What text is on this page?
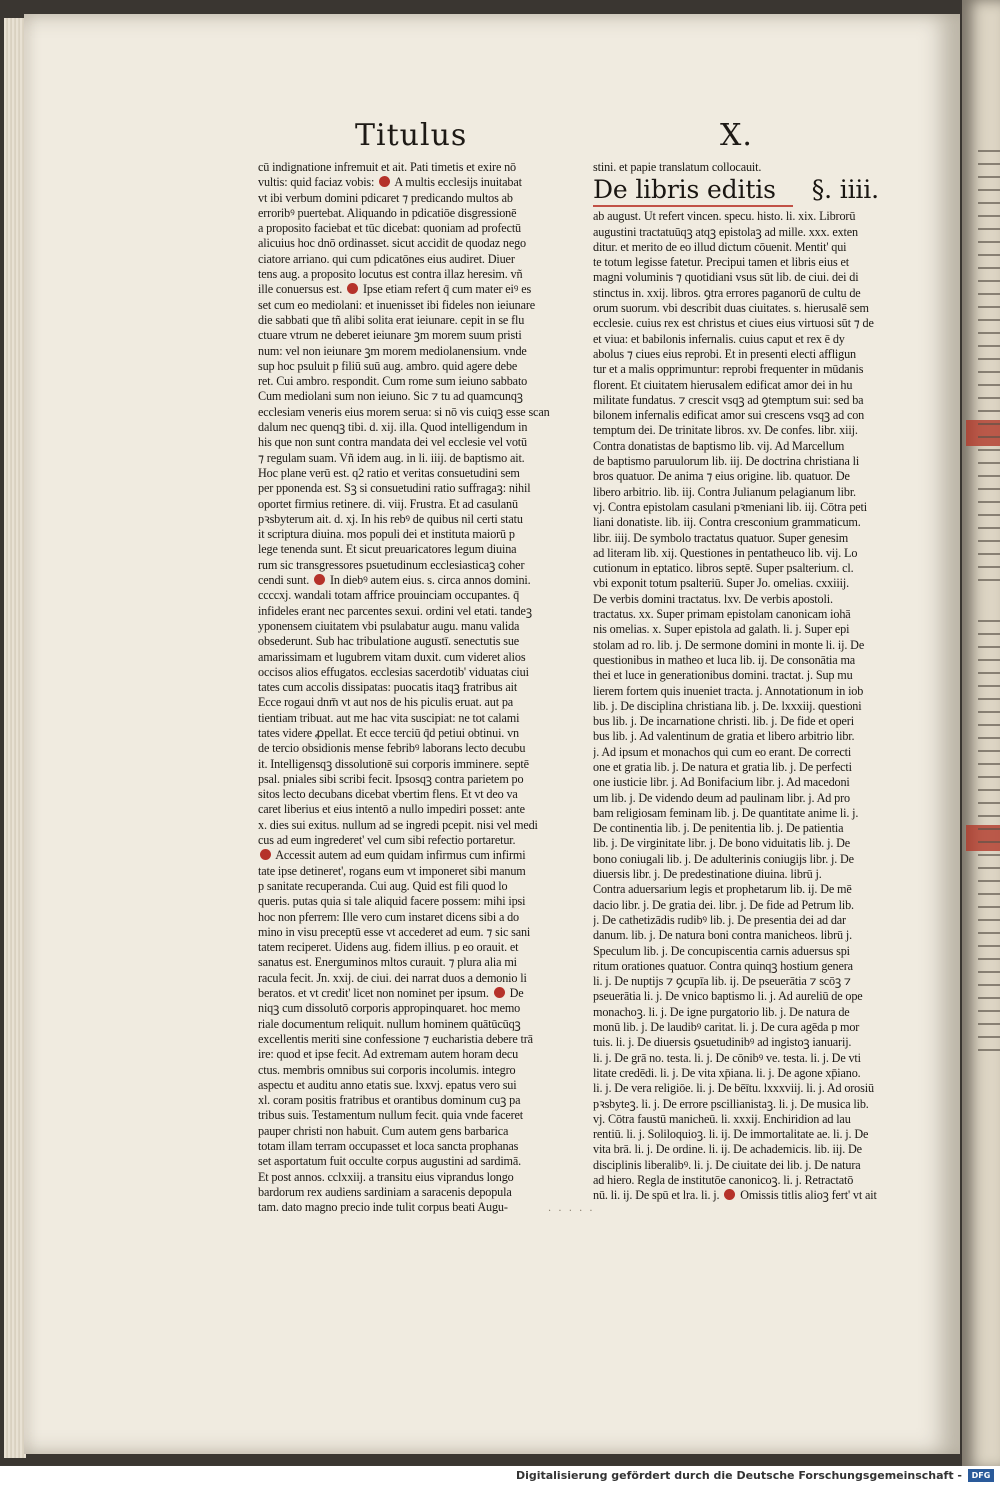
Titulus	X.
cū indignatione infremuit et ait. Pati timetis et exire nō
vultis: quid faciaz vobis:  A multis ecclesijs inuitabat
vt ibi verbum domini pdicaret ⁊ predicando multos ab
erroribꝰ puertebat. Aliquando in pdicatiōe disgressionē
a proposito faciebat et tūc dicebat: quoniam ad profectū
alicuius hoc dnō ordinasset. sicut accidit de quodaz nego
ciatore arriano. qui cum pdicatōnes eius audiret. Diuer
tens aug. a proposito locutus est contra illaz heresim. vñ
ille conuersus est.  Ipse etiam refert q̄ cum mater eiꝰ es
set cum eo mediolani: et inuenisset ibi fideles non ieiunare
die sabbati que tñ alibi solita erat ieiunare. cepit in se flu
ctuare vtrum ne deberet ieiunare ꝫm morem suum pristi
num: vel non ieiunare ꝫm morem mediolanensium. vnde
sup hoc psuluit p filiū suū aug. ambro. quid agere debe
ret. Cui ambro. respondit. Cum rome sum ieiuno sabbato
Cum mediolani sum non ieiuno. Sic ⁊ tu ad quamcunqꝫ
ecclesiam veneris eius morem serua: si nō vis cuiqꝫ esse scan
dalum nec quenqꝫ tibi. d. xij. illa. Quod intelligendum in
his que non sunt contra mandata dei vel ecclesie vel votū
⁊ regulam suam. Vñ idem aug. in li. iiij. de baptismo ait.
Hoc plane verū est. q2 ratio et veritas consuetudini sem
per pponenda est. Sꝫ si consuetudini ratio suffragaꝫ: nihil
oportet firmius retinere. di. viij. Frustra. Et ad casulanū
pꝛsbyterum ait. d. xj. In his rebꝰ de quibus nil certi statu
it scriptura diuina. mos populi dei et instituta maiorū p
lege tenenda sunt. Et sicut preuaricatores legum diuina
rum sic transgressores psuetudinum ecclesiasticaꝫ coher
cendi sunt.  In diebꝰ autem eius. s. circa annos domini.
ccccxj. wandali totam affrice prouinciam occupantes. q̄
infideles erant nec parcentes sexui. ordini vel etati. tandeꝫ
yponensem ciuitatem vbi psulabatur augu. manu valida
obsederunt. Sub hac tribulatione augustī. senectutis sue
amarissimam et lugubrem vitam duxit. cum videret alios
occisos alios effugatos. ecclesias sacerdotib' viduatas ciui
tates cum accolis dissipatas: puocatis itaqꝫ fratribus ait
Ecce rogaui dnm̄ vt aut nos de his piculis eruat. aut pa
tientiam tribuat. aut me hac vita suscipiat: ne tot calami
tates videre ꝓpellat. Et ecce terciū q̄d petiui obtinui. vn
de tercio obsidionis mense febribꝰ laborans lecto decubu
it. Intelligensqꝫ dissolutionē sui corporis imminere. septē
psal. pniales sibi scribi fecit. Ipsosqꝫ contra parietem po
sitos lecto decubans dicebat vbertim flens. Et vt deo va
caret liberius et eius intentō a nullo impediri posset: ante
x. dies sui exitus. nullum ad se ingredi pcepit. nisi vel medi
cus ad eum ingrederet' vel cum sibi refectio portaretur.
Accessit autem ad eum quidam infirmus cum infirmi
tate ipse detineret', rogans eum vt imponeret sibi manum
p sanitate recuperanda. Cui aug. Quid est fili quod lo
queris. putas quia si tale aliquid facere possem: mihi ipsi
hoc non pferrem: Ille vero cum instaret dicens sibi a do
mino in visu preceptū esse vt accederet ad eum. ⁊ sic sani
tatem reciperet. Uidens aug. fidem illius. p eo orauit. et
sanatus est. Energuminos mltos curauit. ⁊ plura alia mi
racula fecit. Jn. xxij. de ciui. dei narrat duos a demonio li
beratos. et vt credit' licet non nominet per ipsum.  De
niqꝫ cum dissolutō corporis appropinquaret. hoc memo
riale documentum reliquit. nullum hominem quātūcūqꝫ
excellentis meriti sine confessione ⁊ eucharistia debere trā
ire: quod et ipse fecit. Ad extremam autem horam decu
ctus. membris omnibus sui corporis incolumis. integro
aspectu et auditu anno etatis sue. lxxvj. epatus vero sui
xl. coram positis fratribus et orantibus dominum cuꝫ pa
tribus suis. Testamentum nullum fecit. quia vnde faceret
pauper christi non habuit. Cum autem gens barbarica
totam illam terram occupasset et loca sancta prophanas
set asportatum fuit occulte corpus augustini ad sardimā.
Et post annos. cclxxiij. a transitu eius viprandus longo
bardorum rex audiens sardiniam a saracenis depopula
tam. dato magno precio inde tulit corpus beati Augu-
stini. et papie translatum collocauit.
De libris editis §. iiii.
ab august. Ut refert vincen. specu. histo. li. xix. Librorū
augustini tractatuūqꝫ atqꝫ epistolaꝫ ad mille. xxx. exten
ditur. et merito de eo illud dictum cōuenit. Mentit' qui
te totum legisse fatetur. Precipui tamen et libris eius et
magni voluminis ⁊ quotidiani vsus sūt lib. de ciui. dei di
stinctus in. xxij. libros. ꝯtra errores paganorū de cultu de
orum suorum. vbi describit duas ciuitates. s. hierusalē sem
ecclesie. cuius rex est christus et ciues eius virtuosi sūt ⁊ de
et viua: et babilonis infernalis. cuius caput et rex ē dy
abolus ⁊ ciues eius reprobi. Et in presenti electi affligun
tur et a malis opprimuntur: reprobi frequenter in mūdanis
florent. Et ciuitatem hierusalem edificat amor dei in hu
militate fundatus. ⁊ crescit vsqꝫ ad ꝯtemptum sui: sed ba
bilonem infernalis edificat amor sui crescens vsqꝫ ad con
temptum dei. De trinitate libros. xv. De confes. libr. xiij.
Contra donatistas de baptismo lib. vij. Ad Marcellum
de baptismo paruulorum lib. iij. De doctrina christiana li
bros quatuor. De anima ⁊ eius origine. lib. quatuor. De
libero arbitrio. lib. iij. Contra Julianum pelagianum libr.
vj. Contra epistolam casulani pꝛmeniani lib. iij. Cōtra peti
liani donatiste. lib. iij. Contra cresconium grammaticum.
libr. iiij. De symbolo tractatus quatuor. Super genesim
ad literam lib. xij. Questiones in pentatheuco lib. vij. Lo
cutionum in eptatico. libros septē. Super psalterium. cl.
vbi exponit totum psalteriū. Super Jo. omelias. cxxiiij.
De verbis domini tractatus. lxv. De verbis apostoli.
tractatus. xx. Super primam epistolam canonicam iohā
nis omelias. x. Super epistola ad galath. li. j. Super epi
stolam ad ro. lib. j. De sermone domini in monte li. ij. De
questionibus in matheo et luca lib. ij. De consonātia ma
thei et luce in generationibus domini. tractat. j. Sup mu
lierem fortem quis inueniet tracta. j. Annotationum in iob
lib. j. De disciplina christiana lib. j. De. lxxxiij. questioni
bus lib. j. De incarnatione christi. lib. j. De fide et operi
bus lib. j. Ad valentinum de gratia et libero arbitrio libr.
j. Ad ipsum et monachos qui cum eo erant. De correcti
one et gratia lib. j. De natura et gratia lib. j. De perfecti
one iusticie libr. j. Ad Bonifacium libr. j. Ad macedoni
um lib. j. De videndo deum ad paulinam libr. j. Ad pro
bam religiosam feminam lib. j. De quantitate anime li. j.
De continentia lib. j. De penitentia lib. j. De patientia
lib. j. De virginitate libr. j. De bono viduitatis lib. j. De
bono coniugali lib. j. De adulterinis coniugijs libr. j. De
diuersis libr. j. De predestinatione diuina. librū j.
Contra aduersarium legis et prophetarum lib. ij. De mē
dacio libr. j. De gratia dei. libr. j. De fide ad Petrum lib.
j. De cathetizādis rudibꝰ lib. j. De presentia dei ad dar
danum. lib. j. De natura boni contra manicheos. librū j.
Speculum lib. j. De concupiscentia carnis aduersus spi
ritum orationes quatuor. Contra quinqꝫ hostium genera
li. j. De nuptijs ⁊ ꝯcupīa lib. ij. De pseuerātia ⁊ scōꝫ ⁊
pseuerātia li. j. De vnico baptismo li. j. Ad aureliū de ope
monachoꝫ. li. j. De igne purgatorio lib. j. De natura de
monū lib. j. De laudibꝰ caritat. li. j. De cura agēda p mor
tuis. li. j. De diuersis ꝯsuetudinibꝰ ad ingistoꝫ ianuarij.
li. j. De grā no. testa. li. j. De cōnibꝰ ve. testa. li. j. De vti
litate credēdi. li. j. De vita xp̄iana. li. j. De agone xp̄iano.
li. j. De vera religiōe. li. j. De bēītu. lxxxviij. li. j. Ad orosiū
pꝛsbyteꝫ. li. j. De errore pscillianistaꝫ. li. j. De musica lib.
vj. Cōtra faustū manicheū. li. xxxij. Enchiridion ad lau
rentiū. li. j. Soliloquioꝫ. li. ij. De immortalitate ae. li. j. De
vita brā. li. j. De ordine. li. ij. De achademicis. lib. iij. De
disciplinis liberalibꝰ. li. j. De ciuitate dei lib. j. De natura
ad hiero. Regla de institutōe canonicoꝫ. li. j. Retractatō
nū. li. ij. De spū et lra. li. j.  Omissis titlis alioꝫ fert' vt ait
· · ‧ · ·
Digitalisierung gefördert durch die Deutsche Forschungsgemeinschaft -	DFG
